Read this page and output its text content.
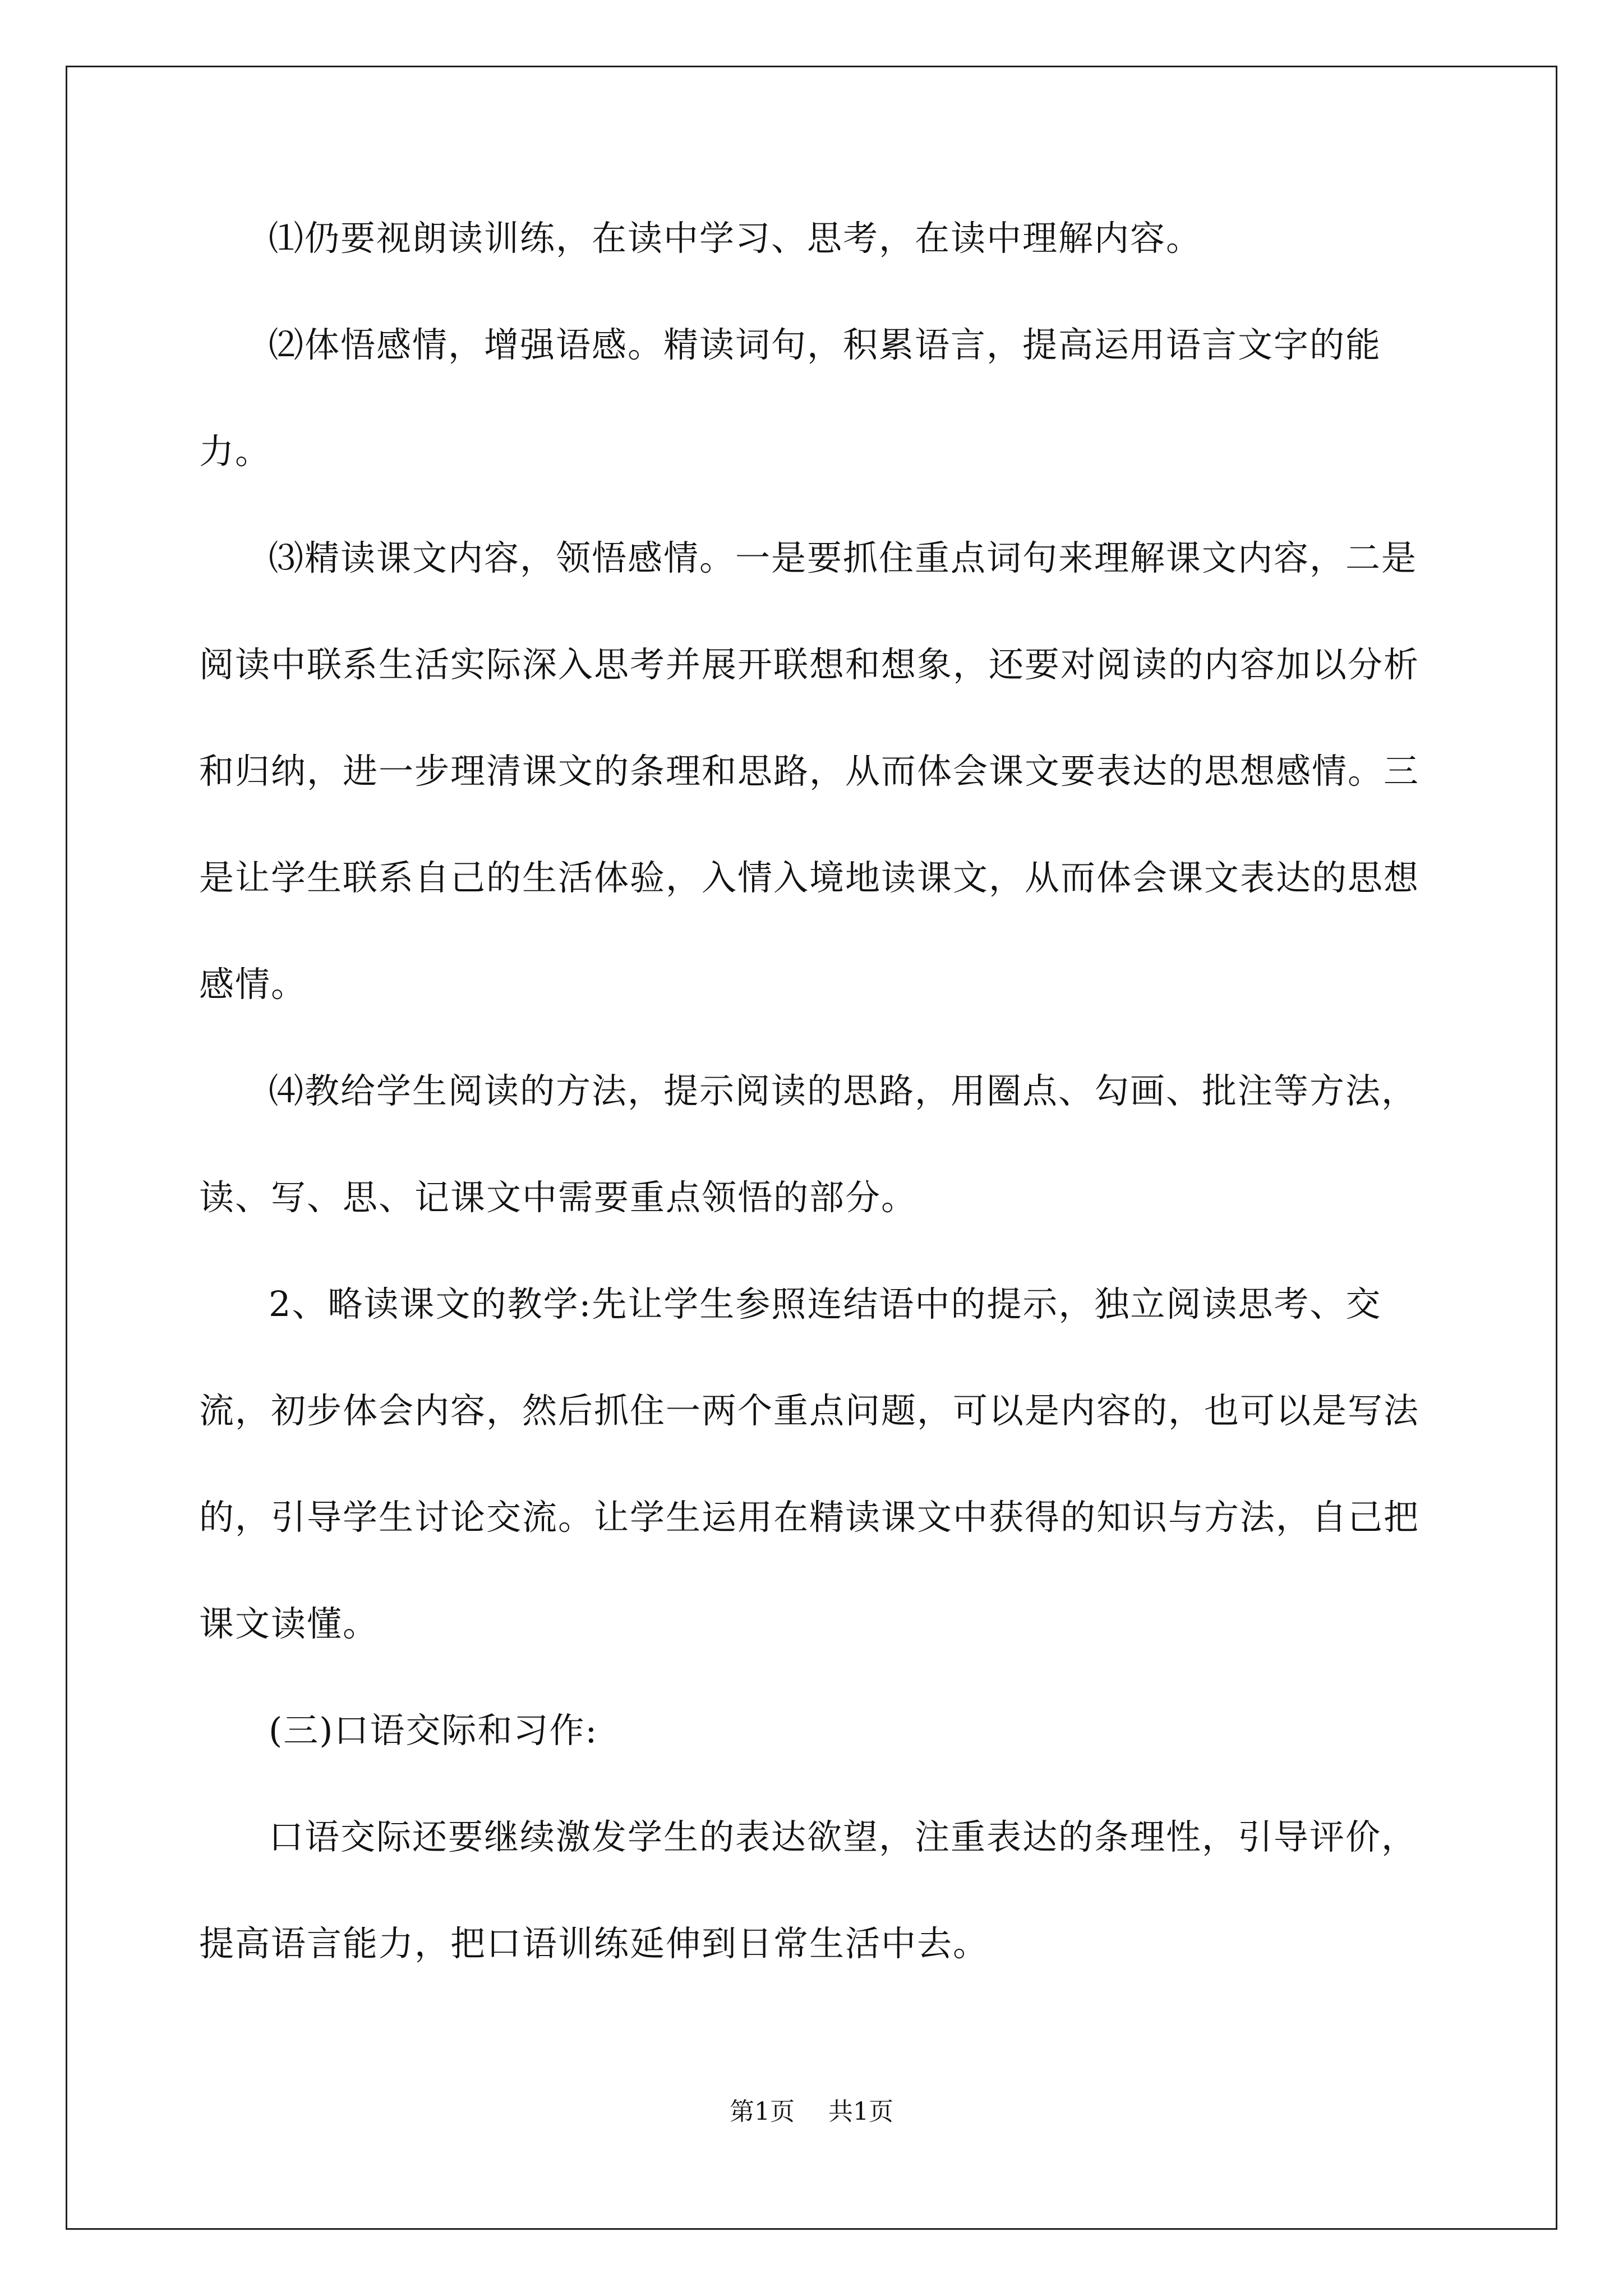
⑴仍要视朗读训练，在读中学习、思考，在读中理解内容。

⑵体悟感情，增强语感。精读词句，积累语言，提高运用语言文字的能力。

⑶精读课文内容，领悟感情。一是要抓住重点词句来理解课文内容，二是阅读中联系生活实际深入思考并展开联想和想象，还要对阅读的内容加以分析和归纳，进一步理清课文的条理和思路，从而体会课文要表达的思想感情。三是让学生联系自己的生活体验，入情入境地读课文，从而体会课文表达的思想感情。

⑷教给学生阅读的方法，提示阅读的思路，用圈点、勾画、批注等方法，读、写、思、记课文中需要重点领悟的部分。

2、略读课文的教学:先让学生参照连结语中的提示，独立阅读思考、交流，初步体会内容，然后抓住一两个重点问题，可以是内容的，也可以是写法的，引导学生讨论交流。让学生运用在精读课文中获得的知识与方法，自己把课文读懂。

(三)口语交际和习作:

口语交际还要继续激发学生的表达欲望，注重表达的条理性，引导评价，提高语言能力，把口语训练延伸到日常生活中去。

第1页 共1页
